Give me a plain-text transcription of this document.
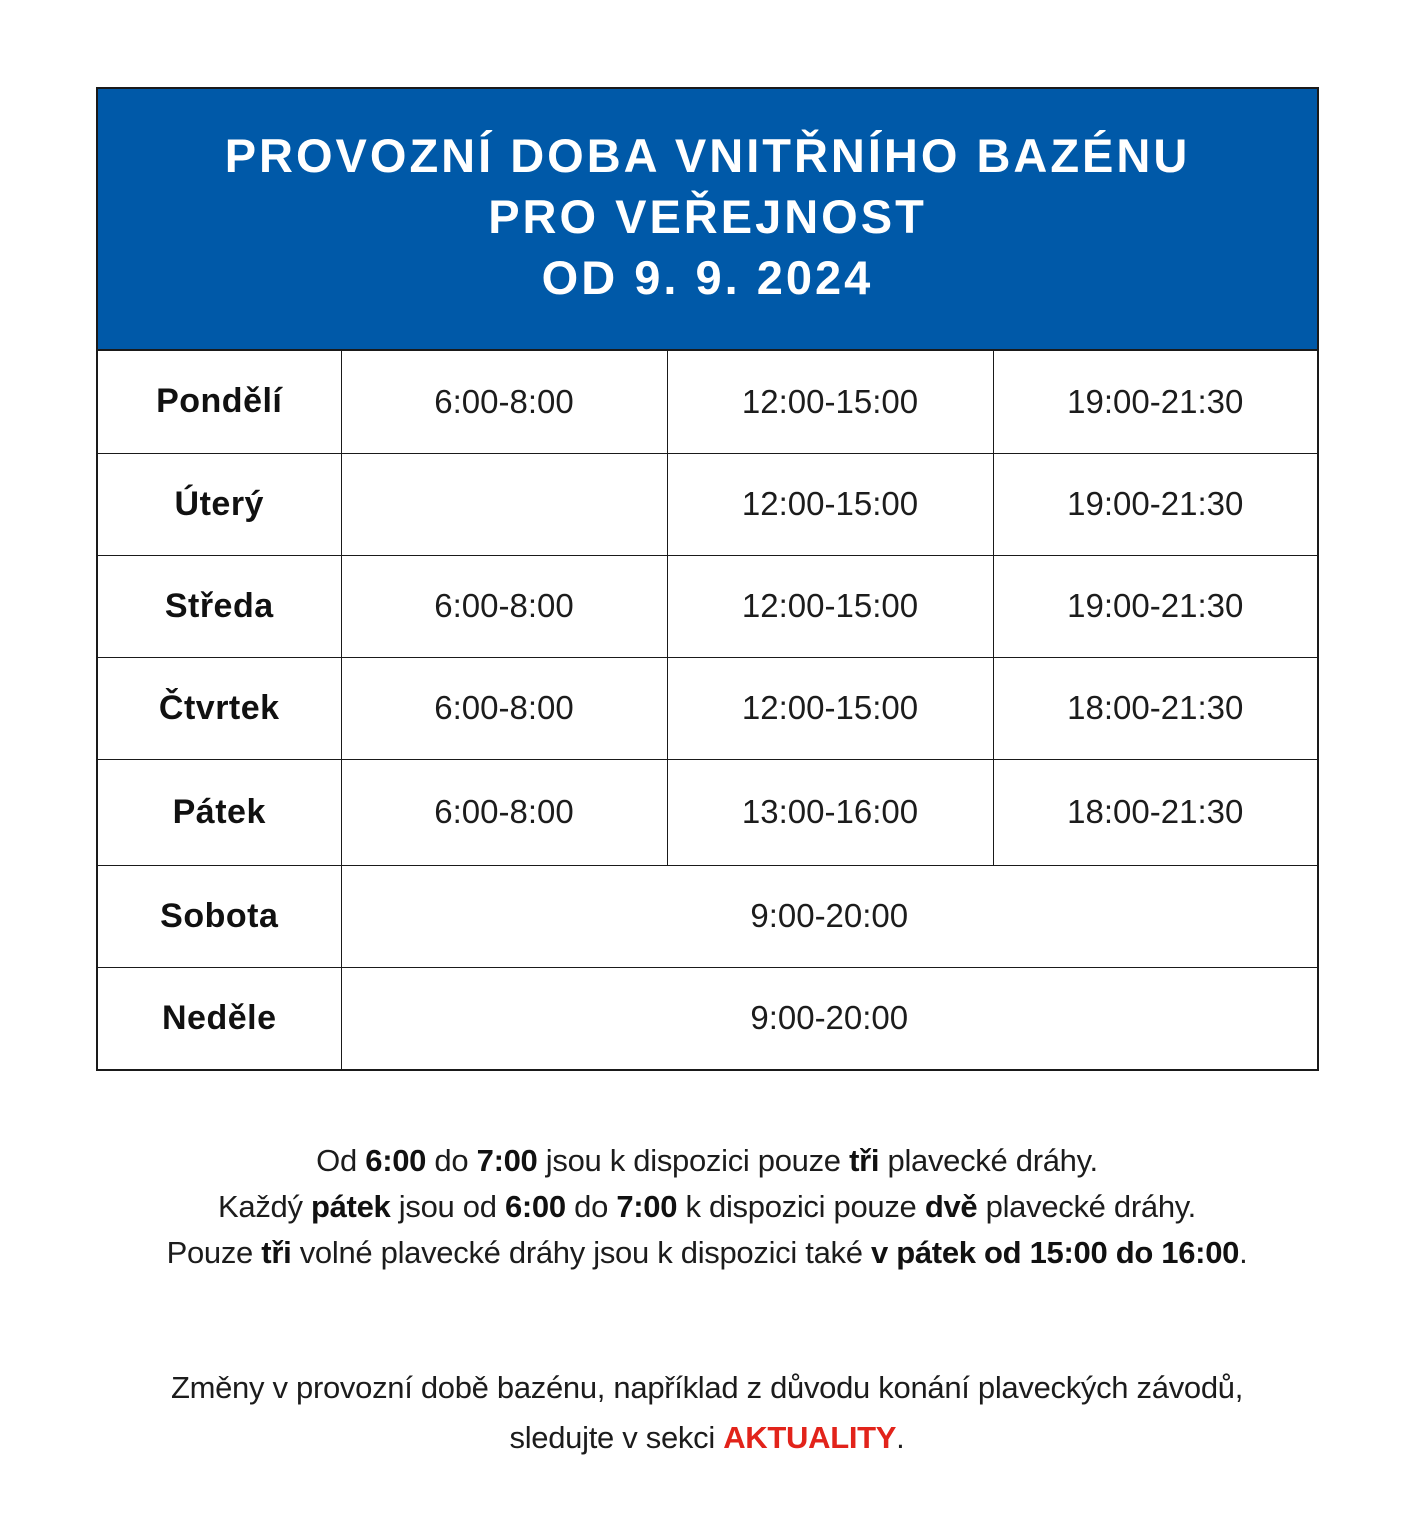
PROVOZNÍ DOBA VNITŘNÍHO BAZÉNU
PRO VEŘEJNOST
OD 9. 9. 2024
Pondělí	6:00-8:00	12:00-15:00	19:00-21:30
Úterý		12:00-15:00	19:00-21:30
Středa	6:00-8:00	12:00-15:00	19:00-21:30
Čtvrtek	6:00-8:00	12:00-15:00	18:00-21:30
Pátek	6:00-8:00	13:00-16:00	18:00-21:30
Sobota	9:00-20:00		
Neděle	9:00-20:00		
Od 6:00 do 7:00 jsou k dispozici pouze tři plavecké dráhy.
Každý pátek jsou od 6:00 do 7:00 k dispozici pouze dvě plavecké dráhy.
Pouze tři volné plavecké dráhy jsou k dispozici také v pátek od 15:00 do 16:00.
Změny v provozní době bazénu, například z důvodu konání plaveckých závodů,
sledujte v sekci AKTUALITY.
